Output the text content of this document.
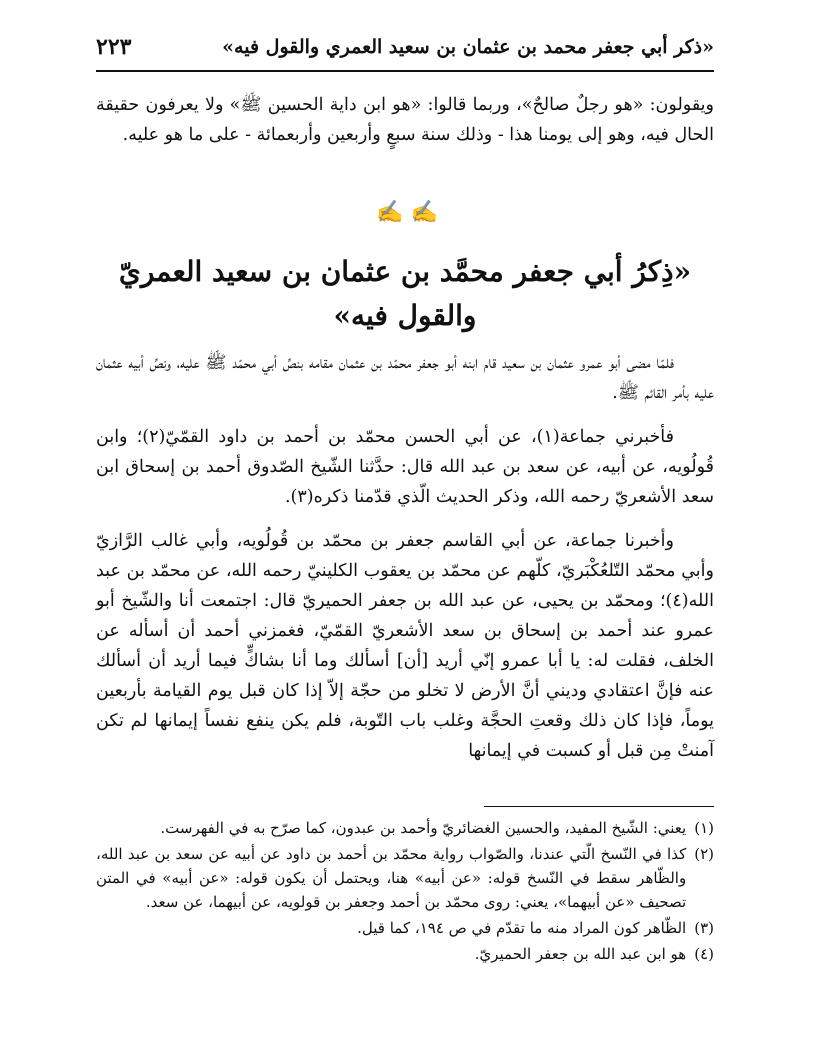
«ذكر أبي جعفر محمد بن عثمان بن سعيد العمري والقول فيه»
٢٢٣

ويقولون: «هو رجلٌ صالحٌ»، وربما قالوا: «هو ابن داية الحسين ﷺ» ولا يعرفون حقيقة الحال فيه، وهو إلى يومنا هذا - وذلك سنة سبعٍ وأربعين وأربعمائة - على ما هو عليه.

✍ ✍
«ذِكرُ أبي جعفر محمَّد بن عثمان بن سعيد العمريّ
والقول فيه»

فلمّا مضى أبو عمرو عثمان بن سعيد قام ابنه أبو جعفر محمّد بن عثمان مقامه بنصِّ أبي محمّد ﷺ عليه، ونصِّ أبيه عثمان عليه بأمر القائم ﷺ.

فأخبرني جماعة(١)، عن أبي الحسن محمّد بن أحمد بن داود القمّيّ(٢)؛ وابن قُولُويه، عن أبيه، عن سعد بن عبد الله قال: حدَّثنا الشّيخ الصّدوق أحمد بن إسحاق ابن سعد الأشعريّ رحمه الله، وذكر الحديث الّذي قدّمنا ذكره(٣).

وأخبرنا جماعة، عن أبي القاسم جعفر بن محمّد بن قُولُويه، وأبي غالب الرَّازيّ وأبي محمّد التّلعُكْبَريّ، كلّهم عن محمّد بن يعقوب الكلينيّ رحمه الله، عن محمّد بن عبد الله(٤)؛ ومحمّد بن يحيى، عن عبد الله بن جعفر الحميريّ قال: اجتمعت أنا والشّيخ أبو عمرو عند أحمد بن إسحاق بن سعد الأشعريّ القمّيّ، فغمزني أحمد أن أسأله عن الخلف، فقلت له: يا أبا عمرو إنّي أريد [أن] أسألك وما أنا بشاكٍّ فيما أريد أن أسألك عنه فإنَّ اعتقادي وديني أنَّ الأرض لا تخلو من حجّة إلاّ إذا كان قبل يوم القيامة بأربعين يوماً، فإذا كان ذلك وقعتِ الحجَّة وغلب باب التّوبة، فلم يكن ينفع نفساً إيمانها لم تكن آمنتْ مِن قبل أو كسبت في إيمانها

(١)
يعني: الشّيخ المفيد، والحسين الغضائريّ وأحمد بن عبدون، كما صرّح به في الفهرست.
(٢)
كذا في النّسخ الّتي عندنا، والصّواب رواية محمّد بن أحمد بن داود عن أبيه عن سعد بن عبد الله، والظّاهر سقط في النّسخ قوله: «عن أبيه» هنا، ويحتمل أن يكون قوله: «عن أبيه» في المتن تصحيف «عن أبيهما»، يعني: روى محمّد بن أحمد وجعفر بن قولويه، عن أبيهما، عن سعد.
(٣)
الظّاهر كون المراد منه ما تقدّم في ص ١٩٤، كما قيل.
(٤)
هو ابن عبد الله بن جعفر الحميريّ.
